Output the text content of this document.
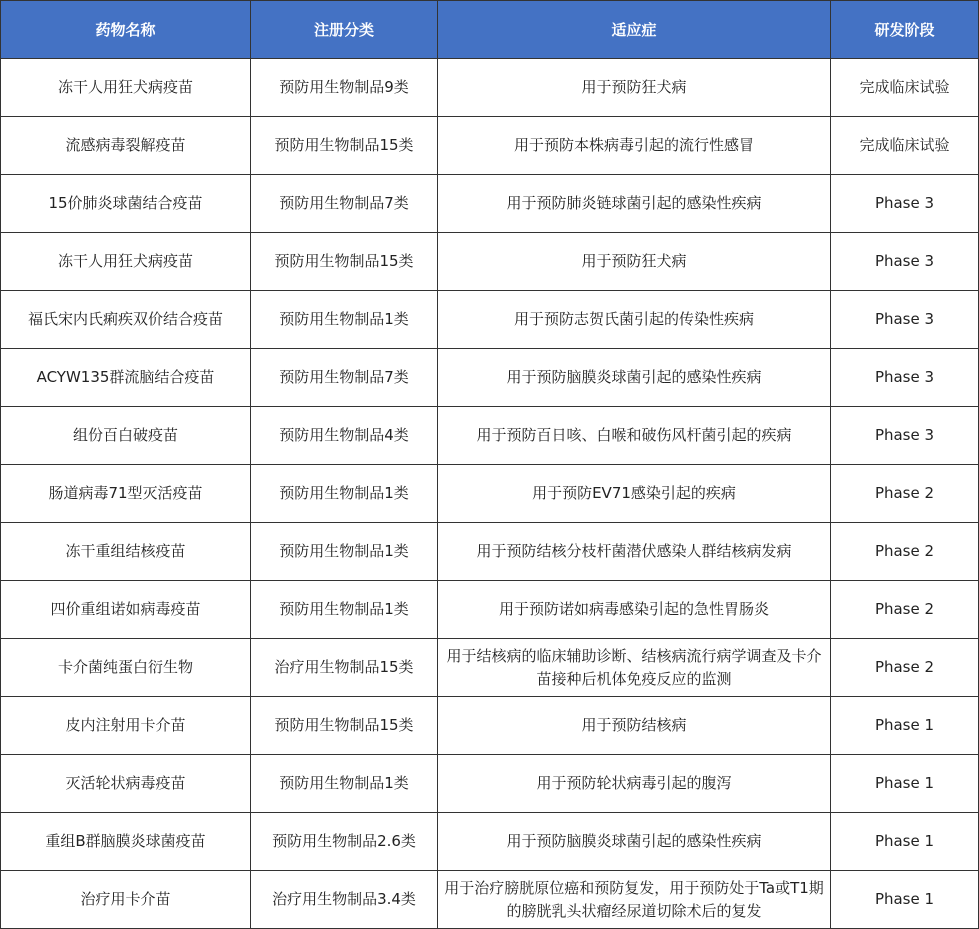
药物名称	注册分类	适应症	研发阶段
冻干人用狂犬病疫苗	预防用生物制品9类	用于预防狂犬病	完成临床试验
流感病毒裂解疫苗	预防用生物制品15类	用于预防本株病毒引起的流行性感冒	完成临床试验
15价肺炎球菌结合疫苗	预防用生物制品7类	用于预防肺炎链球菌引起的感染性疾病	Phase 3
冻干人用狂犬病疫苗	预防用生物制品15类	用于预防狂犬病	Phase 3
福氏宋内氏痢疾双价结合疫苗	预防用生物制品1类	用于预防志贺氏菌引起的传染性疾病	Phase 3
ACYW135群流脑结合疫苗	预防用生物制品7类	用于预防脑膜炎球菌引起的感染性疾病	Phase 3
组份百白破疫苗	预防用生物制品4类	用于预防百日咳、白喉和破伤风杆菌引起的疾病	Phase 3
肠道病毒71型灭活疫苗	预防用生物制品1类	用于预防EV71感染引起的疾病	Phase 2
冻干重组结核疫苗	预防用生物制品1类	用于预防结核分枝杆菌潜伏感染人群结核病发病	Phase 2
四价重组诺如病毒疫苗	预防用生物制品1类	用于预防诺如病毒感染引起的急性胃肠炎	Phase 2
卡介菌纯蛋白衍生物	治疗用生物制品15类	用于结核病的临床辅助诊断、结核病流行病学调查及卡介苗接种后机体免疫反应的监测	Phase 2
皮内注射用卡介苗	预防用生物制品15类	用于预防结核病	Phase 1
灭活轮状病毒疫苗	预防用生物制品1类	用于预防轮状病毒引起的腹泻	Phase 1
重组B群脑膜炎球菌疫苗	预防用生物制品2.6类	用于预防脑膜炎球菌引起的感染性疾病	Phase 1
治疗用卡介苗	治疗用生物制品3.4类	用于治疗膀胱原位癌和预防复发，用于预防处于Ta或T1期的膀胱乳头状瘤经尿道切除术后的复发	Phase 1
